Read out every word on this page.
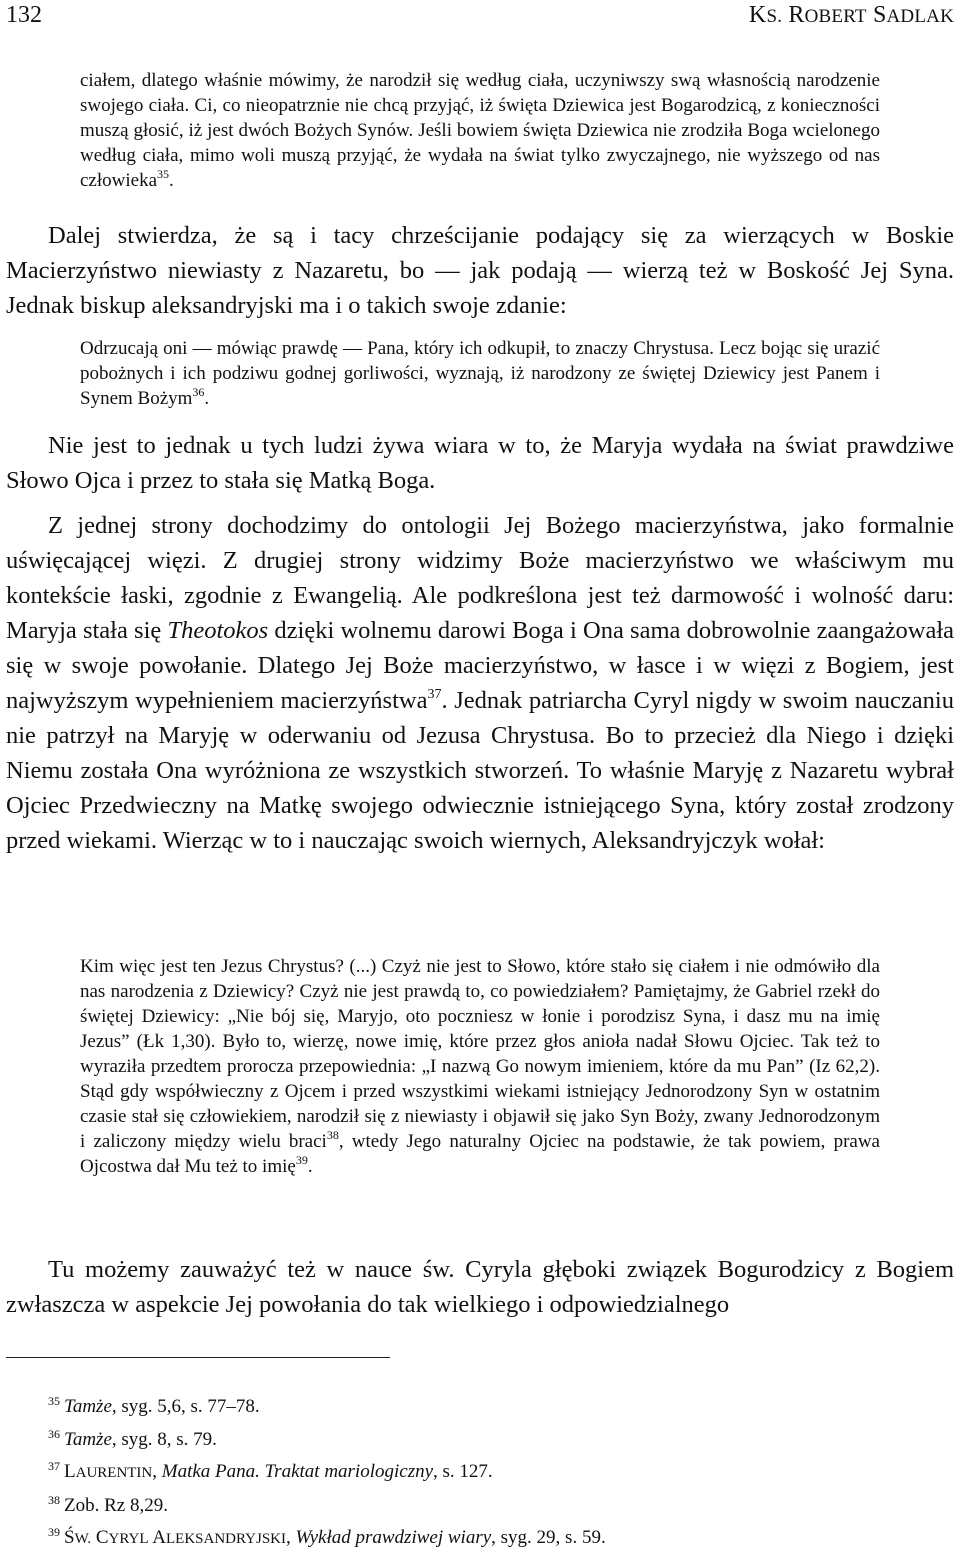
132	KS. ROBERT SADLAK

ciałem, dlatego właśnie mówimy, że narodził się według ciała, uczyniwszy swą własnością narodzenie swojego ciała. Ci, co nieopatrznie nie chcą przyjąć, iż święta Dziewica jest Bogarodzicą, z konieczności muszą głosić, iż jest dwóch Bożych Synów. Jeśli bowiem święta Dziewica nie zrodziła Boga wcielonego według ciała, mimo woli muszą przyjąć, że wydała na świat tylko zwyczajnego, nie wyższego od nas człowieka$^{35}$.

Dalej stwierdza, że są i tacy chrześcijanie podający się za wierzących w Boskie Macierzyństwo niewiasty z Nazaretu, bo — jak podają — wierzą też w Boskość Jej Syna. Jednak biskup aleksandryjski ma i o takich swoje zdanie:

Odrzucają oni — mówiąc prawdę — Pana, który ich odkupił, to znaczy Chrystusa. Lecz bojąc się urazić pobożnych i ich podziwu godnej gorliwości, wyznają, iż narodzony ze świętej Dziewicy jest Panem i Synem Bożym$^{36}$.

Nie jest to jednak u tych ludzi żywa wiara w to, że Maryja wydała na świat prawdziwe Słowo Ojca i przez to stała się Matką Boga.

Z jednej strony dochodzimy do ontologii Jej Bożego macierzyństwa, jako formalnie uświęcającej więzi. Z drugiej strony widzimy Boże macierzyństwo we właściwym mu kontekście łaski, zgodnie z Ewangelią. Ale podkreślona jest też darmowość i wolność daru: Maryja stała się Theotokos dzięki wolnemu darowi Boga i Ona sama dobrowolnie zaangażowała się w swoje powołanie. Dlatego Jej Boże macierzyństwo, w łasce i w więzi z Bogiem, jest najwyższym wypełnieniem macierzyństwa$^{37}$. Jednak patriarcha Cyryl nigdy w swoim nauczaniu nie patrzył na Maryję w oderwaniu od Jezusa Chrystusa. Bo to przecież dla Niego i dzięki Niemu została Ona wyróżniona ze wszystkich stworzeń. To właśnie Maryję z Nazaretu wybrał Ojciec Przedwieczny na Matkę swojego odwiecznie istniejącego Syna, który został zrodzony przed wiekami. Wierząc w to i nauczając swoich wiernych, Aleksandryjczyk wołał:

Kim więc jest ten Jezus Chrystus? (...) Czyż nie jest to Słowo, które stało się ciałem i nie odmówiło dla nas narodzenia z Dziewicy? Czyż nie jest prawdą to, co powiedziałem? Pamiętajmy, że Gabriel rzekł do świętej Dziewicy: „Nie bój się, Maryjo, oto poczniesz w łonie i porodzisz Syna, i dasz mu na imię Jezus” (Łk 1,30). Było to, wierzę, nowe imię, które przez głos anioła nadał Słowu Ojciec. Tak też to wyraziła przedtem prorocza przepowiednia: „I nazwą Go nowym imieniem, które da mu Pan” (Iz 62,2). Stąd gdy współwieczny z Ojcem i przed wszystkimi wiekami istniejący Jednorodzony Syn w ostatnim czasie stał się człowiekiem, narodził się z niewiasty i objawił się jako Syn Boży, zwany Jednorodzonym i zaliczony między wielu braci$^{38}$, wtedy Jego naturalny Ojciec na podstawie, że tak powiem, prawa Ojcostwa dał Mu też to imię$^{39}$.

Tu możemy zauważyć też w nauce św. Cyryla głęboki związek Bogurodzicy z Bogiem zwłaszcza w aspekcie Jej powołania do tak wielkiego i odpowiedzialnego

$^{35}$ Tamże, syg. 5,6, s. 77–78.
$^{36}$ Tamże, syg. 8, s. 79.
$^{37}$ LAURENTIN, Matka Pana. Traktat mariologiczny, s. 127.
$^{38}$ Zob. Rz 8,29.
$^{39}$ ŚW. CYRYL ALEKSANDRYJSKI, Wykład prawdziwej wiary, syg. 29, s. 59.
